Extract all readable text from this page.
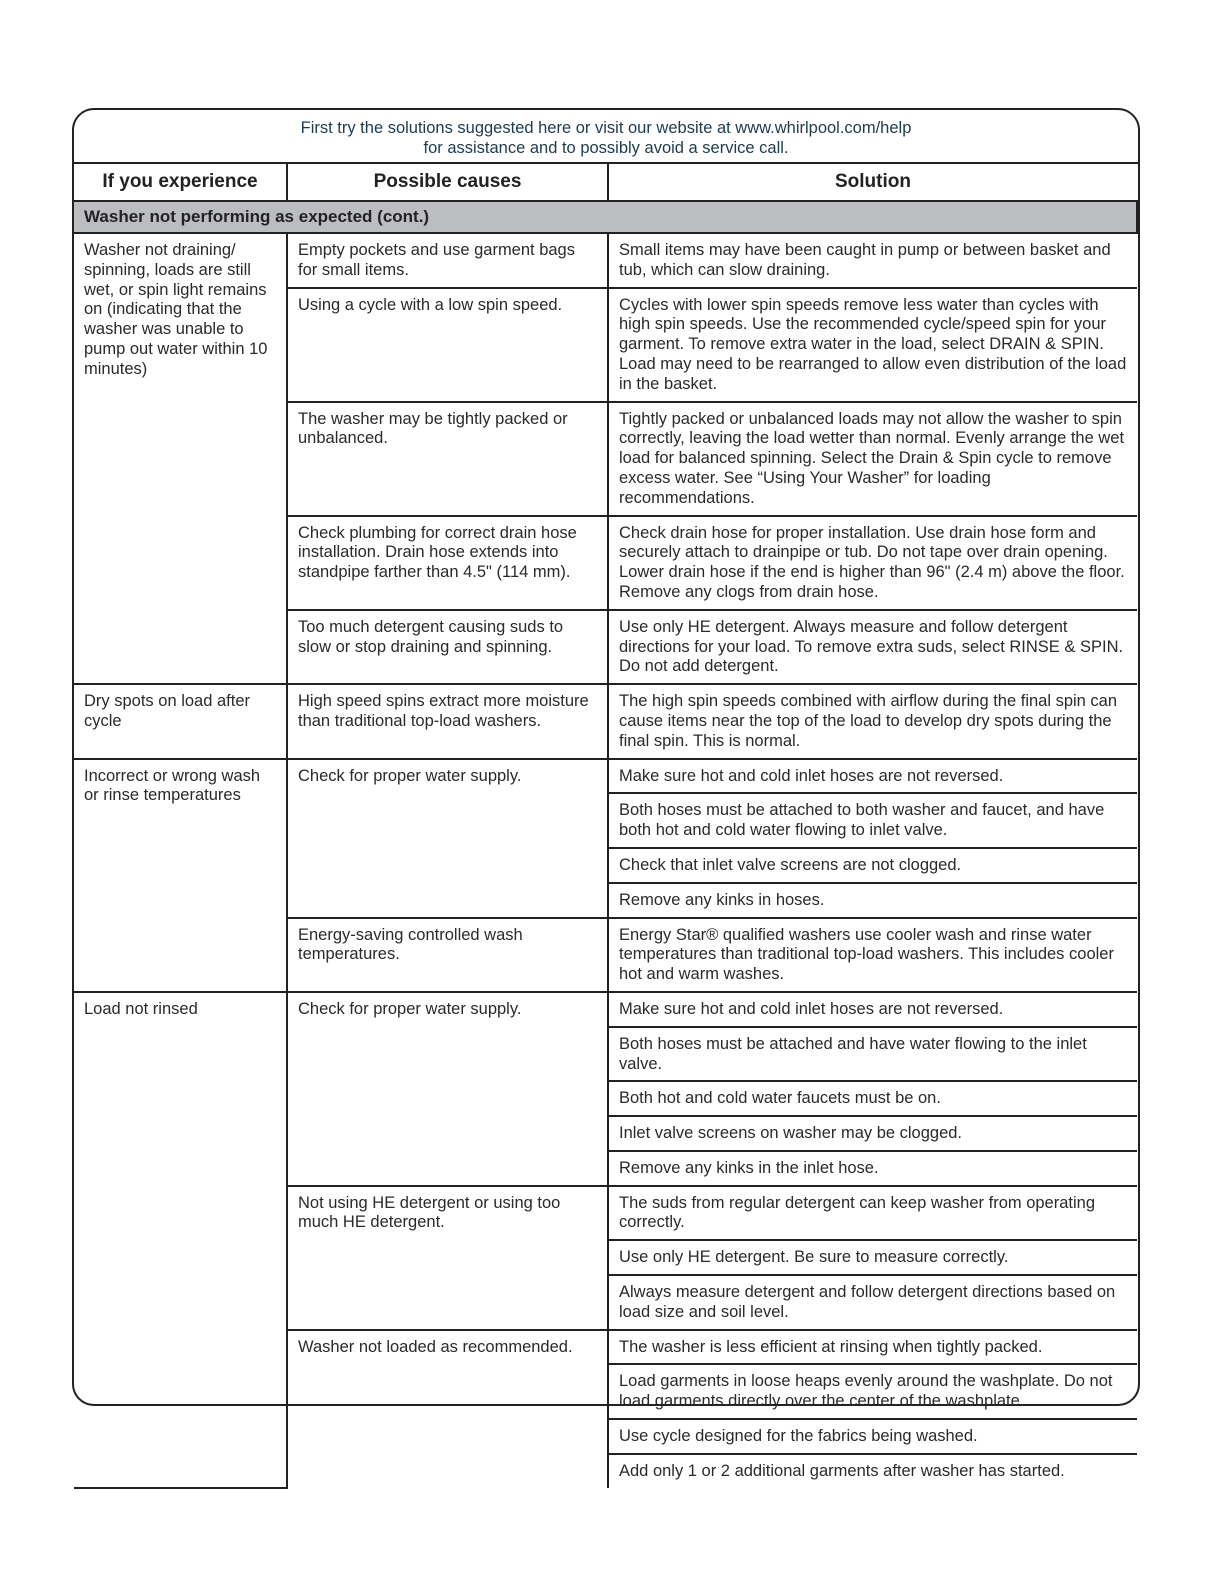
First try the solutions suggested here or visit our website at www.whirlpool.com/help
for assistance and to possibly avoid a service call.
If you experience	Possible causes	Solution
Washer not performing as expected (cont.)		
Washer not draining/ spinning, loads are still wet, or spin light remains on (indicating that the washer was unable to pump out water within 10 minutes)	Empty pockets and use garment bags for small items.	Small items may have been caught in pump or between basket and tub, which can slow draining.
	Using a cycle with a low spin speed.	Cycles with lower spin speeds remove less water than cycles with high spin speeds. Use the recommended cycle/speed spin for your garment. To remove extra water in the load, select DRAIN & SPIN. Load may need to be rearranged to allow even distribution of the load in the basket.
	The washer may be tightly packed or unbalanced.	Tightly packed or unbalanced loads may not allow the washer to spin correctly, leaving the load wetter than normal. Evenly arrange the wet load for balanced spinning. Select the Drain & Spin cycle to remove excess water. See “Using Your Washer” for loading recommendations.
	Check plumbing for correct drain hose installation. Drain hose extends into standpipe farther than 4.5" (114 mm).	Check drain hose for proper installation. Use drain hose form and securely attach to drainpipe or tub. Do not tape over drain opening. Lower drain hose if the end is higher than 96" (2.4 m) above the floor. Remove any clogs from drain hose.
	Too much detergent causing suds to slow or stop draining and spinning.	Use only HE detergent. Always measure and follow detergent directions for your load. To remove extra suds, select RINSE & SPIN. Do not add detergent.
Dry spots on load after cycle	High speed spins extract more moisture than traditional top-load washers.	The high spin speeds combined with airflow during the final spin can cause items near the top of the load to develop dry spots during the final spin. This is normal.
Incorrect or wrong wash or rinse temperatures	Check for proper water supply.	Make sure hot and cold inlet hoses are not reversed.
		Both hoses must be attached to both washer and faucet, and have both hot and cold water flowing to inlet valve.
		Check that inlet valve screens are not clogged.
		Remove any kinks in hoses.
	Energy-saving controlled wash temperatures.	Energy Star® qualified washers use cooler wash and rinse water temperatures than traditional top-load washers. This includes cooler hot and warm washes.
Load not rinsed	Check for proper water supply.	Make sure hot and cold inlet hoses are not reversed.
		Both hoses must be attached and have water flowing to the inlet valve.
		Both hot and cold water faucets must be on.
		Inlet valve screens on washer may be clogged.
		Remove any kinks in the inlet hose.
	Not using HE detergent or using too much HE detergent.	The suds from regular detergent can keep washer from operating correctly.
		Use only HE detergent. Be sure to measure correctly.
		Always measure detergent and follow detergent directions based on load size and soil level.
	Washer not loaded as recommended.	The washer is less efficient at rinsing when tightly packed.
		Load garments in loose heaps evenly around the washplate. Do not load garments directly over the center of the washplate.
		Use cycle designed for the fabrics being washed.
		Add only 1 or 2 additional garments after washer has started.
